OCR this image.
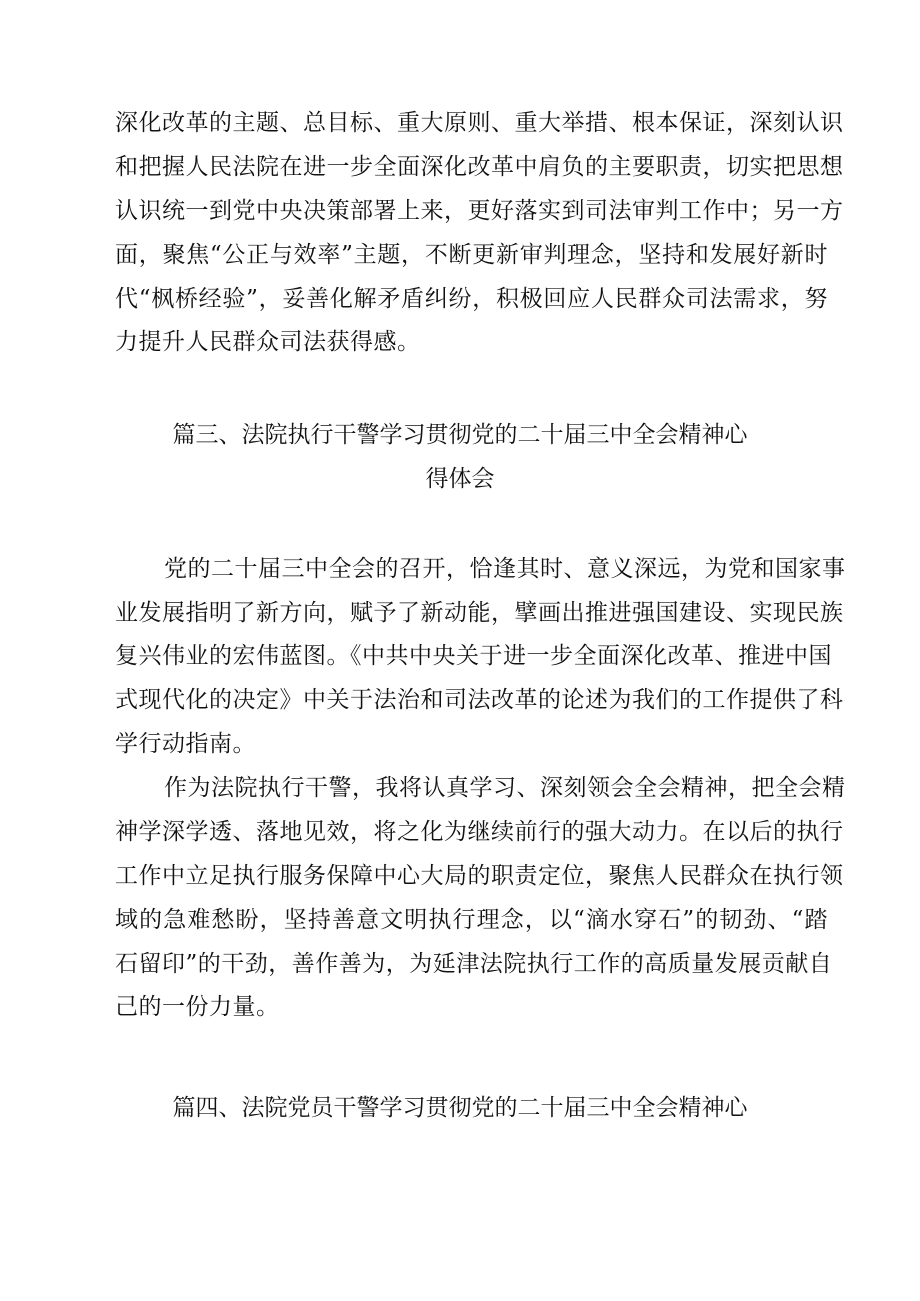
深化改革的主题、总目标、重大原则、重大举措、根本保证，深刻认识
和把握人民法院在进一步全面深化改革中肩负的主要职责，切实把思想
认识统一到党中央决策部署上来，更好落实到司法审判工作中；另一方
面，聚焦“公正与效率”主题，不断更新审判理念，坚持和发展好新时
代“枫桥经验”，妥善化解矛盾纠纷，积极回应人民群众司法需求，努
力提升人民群众司法获得感。
篇三、法院执行干警学习贯彻党的二十届三中全会精神心
得体会
党的二十届三中全会的召开，恰逢其时、意义深远，为党和国家事
业发展指明了新方向，赋予了新动能，擘画出推进强国建设、实现民族
复兴伟业的宏伟蓝图。《中共中央关于进一步全面深化改革、推进中国
式现代化的决定》中关于法治和司法改革的论述为我们的工作提供了科
学行动指南。
作为法院执行干警，我将认真学习、深刻领会全会精神，把全会精
神学深学透、落地见效，将之化为继续前行的强大动力。在以后的执行
工作中立足执行服务保障中心大局的职责定位，聚焦人民群众在执行领
域的急难愁盼，坚持善意文明执行理念，以“滴水穿石”的韧劲、“踏
石留印”的干劲，善作善为，为延津法院执行工作的高质量发展贡献自
己的一份力量。
篇四、法院党员干警学习贯彻党的二十届三中全会精神心
